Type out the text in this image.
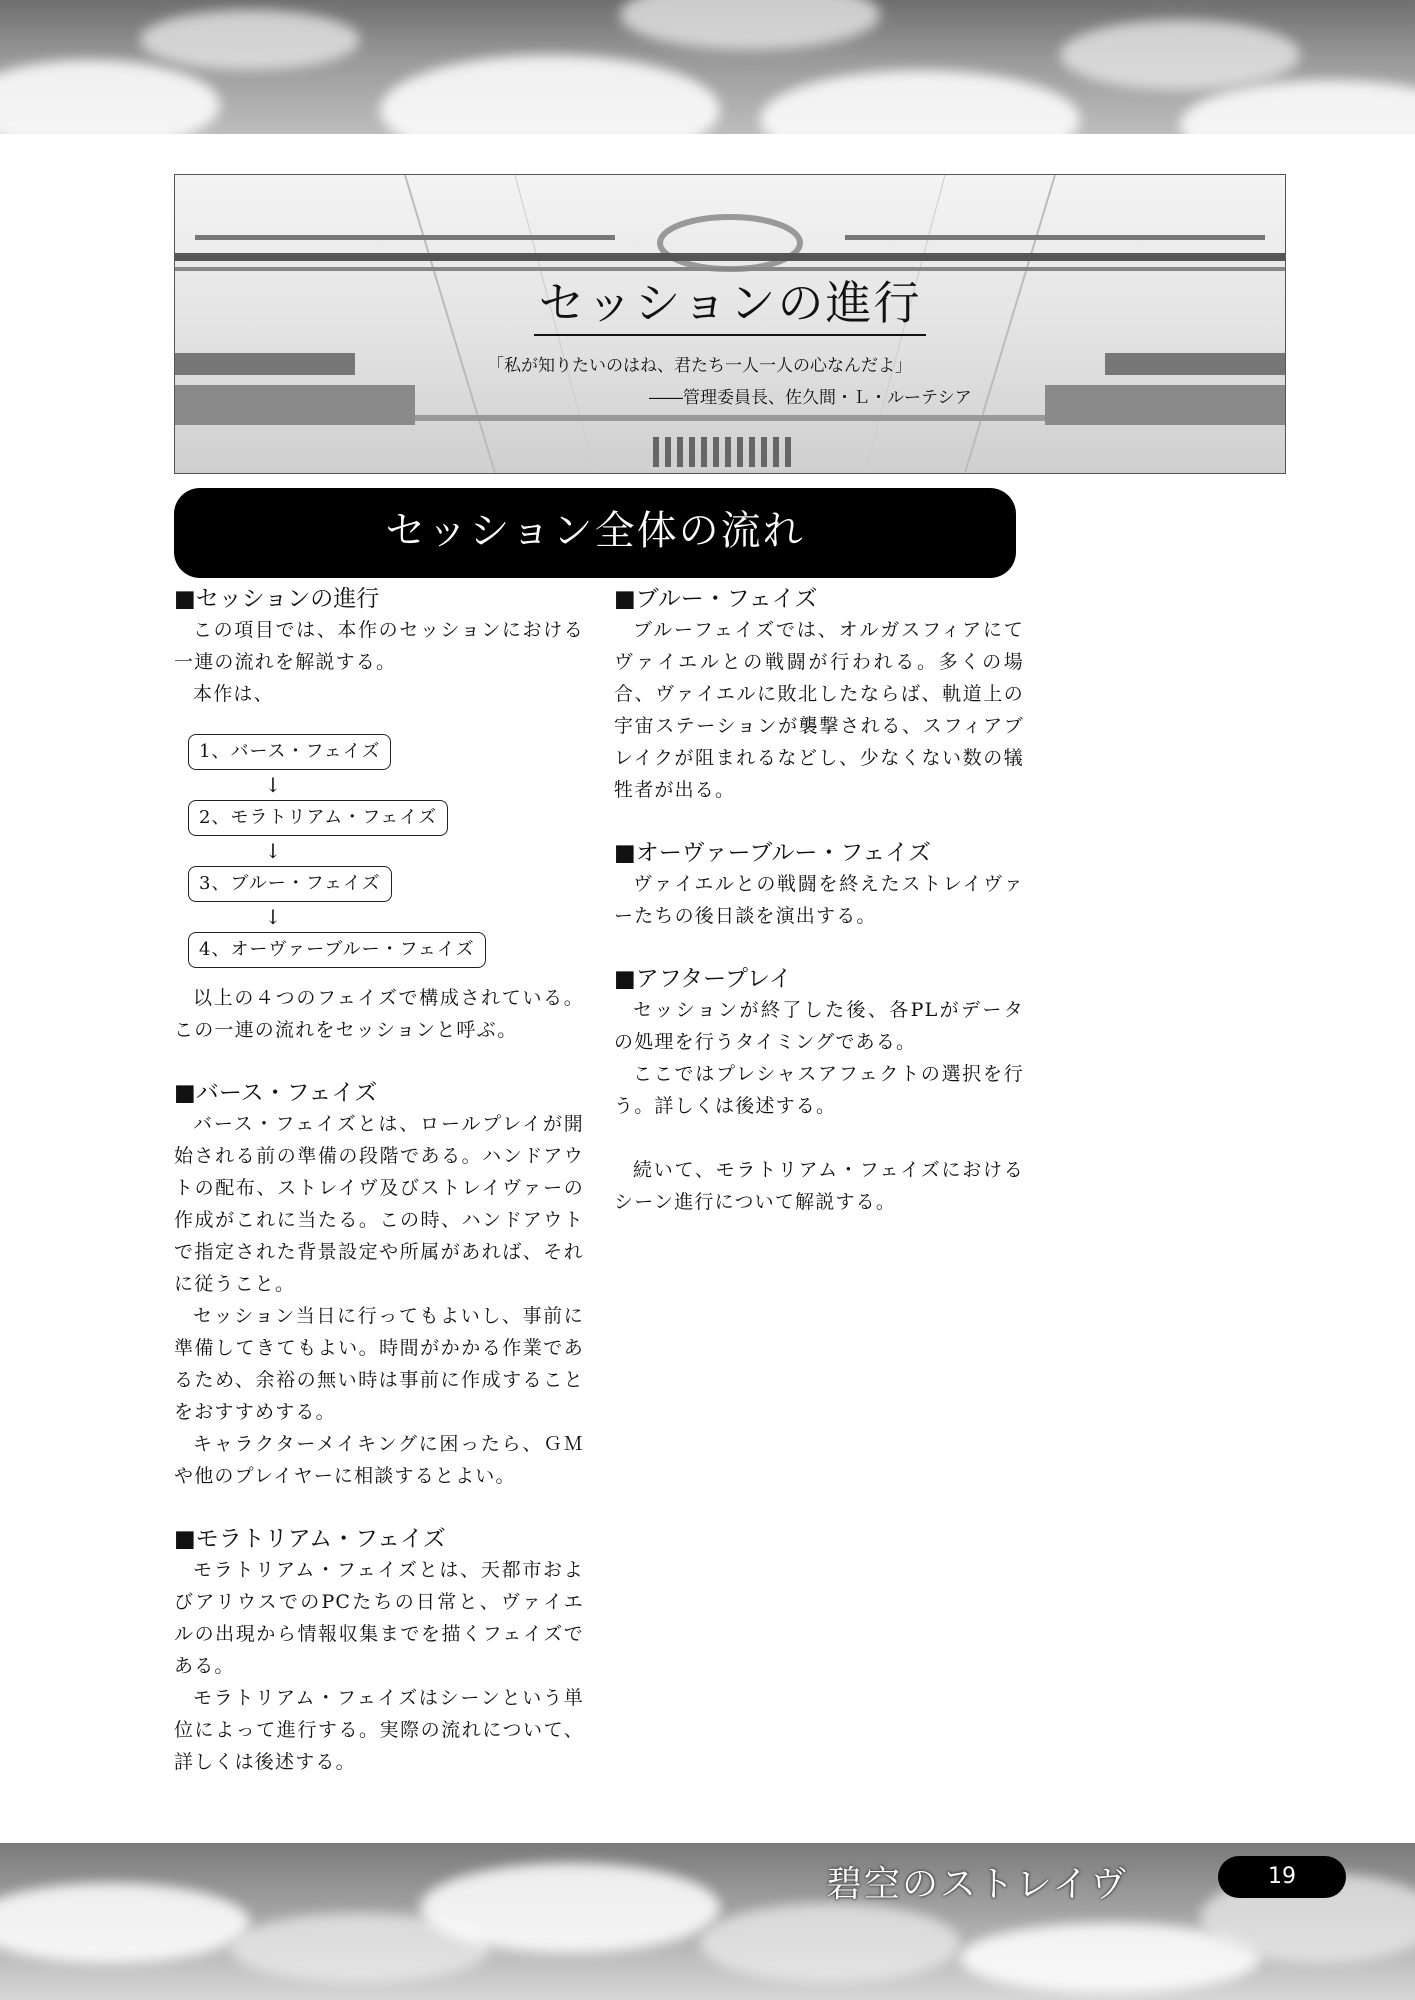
セッションの進行
「私が知りたいのはね、君たち一人一人の心なんだよ」
――管理委員長、佐久間・Ｌ・ルーテシア
セッション全体の流れ
■セッションの進行

この項目では、本作のセッションにおける一連の流れを解説する。

本作は、

1、バース・フェイズ
↓
2、モラトリアム・フェイズ
↓
3、ブルー・フェイズ
↓
4、オーヴァーブルー・フェイズ

以上の４つのフェイズで構成されている。この一連の流れをセッションと呼ぶ。

■バース・フェイズ

バース・フェイズとは、ロールプレイが開始される前の準備の段階である。ハンドアウトの配布、ストレイヴ及びストレイヴァーの作成がこれに当たる。この時、ハンドアウトで指定された背景設定や所属があれば、それに従うこと。

セッション当日に行ってもよいし、事前に準備してきてもよい。時間がかかる作業であるため、余裕の無い時は事前に作成することをおすすめする。

キャラクターメイキングに困ったら、ＧＭや他のプレイヤーに相談するとよい。

■モラトリアム・フェイズ

モラトリアム・フェイズとは、天都市およびアリウスでのPCたちの日常と、ヴァイエルの出現から情報収集までを描くフェイズである。

モラトリアム・フェイズはシーンという単位によって進行する。実際の流れについて、詳しくは後述する。

■ブルー・フェイズ

ブルーフェイズでは、オルガスフィアにてヴァイエルとの戦闘が行われる。多くの場合、ヴァイエルに敗北したならば、軌道上の宇宙ステーションが襲撃される、スフィアブレイクが阻まれるなどし、少なくない数の犠牲者が出る。

■オーヴァーブルー・フェイズ

ヴァイエルとの戦闘を終えたストレイヴァーたちの後日談を演出する。

■アフタープレイ

セッションが終了した後、各PLがデータの処理を行うタイミングである。

ここではプレシャスアフェクトの選択を行う。詳しくは後述する。

続いて、モラトリアム・フェイズにおけるシーン進行について解説する。

碧空のストレイヴ	19
